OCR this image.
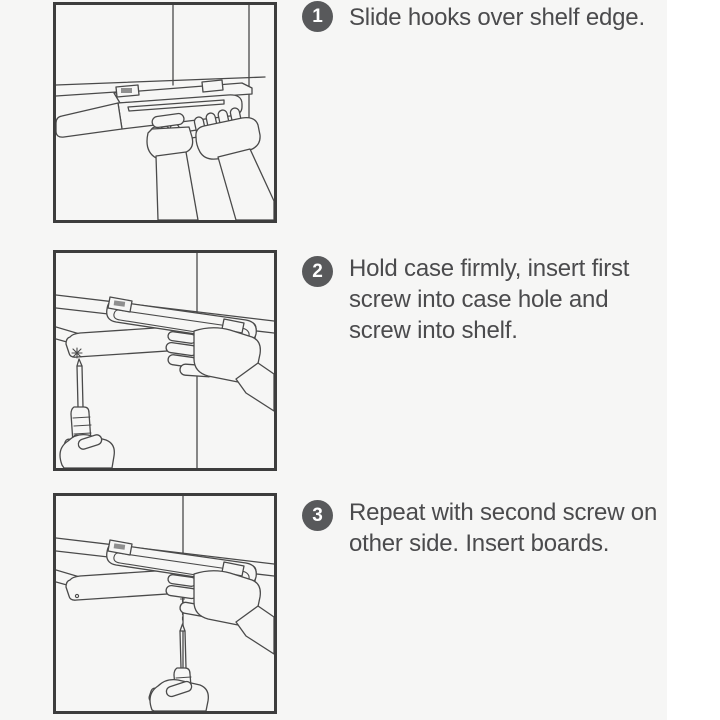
1	Slide hooks over shelf edge.
2	Hold case firmly, insert first screw into case hole and screw into shelf.
3	Repeat with second screw on other side. Insert boards.
